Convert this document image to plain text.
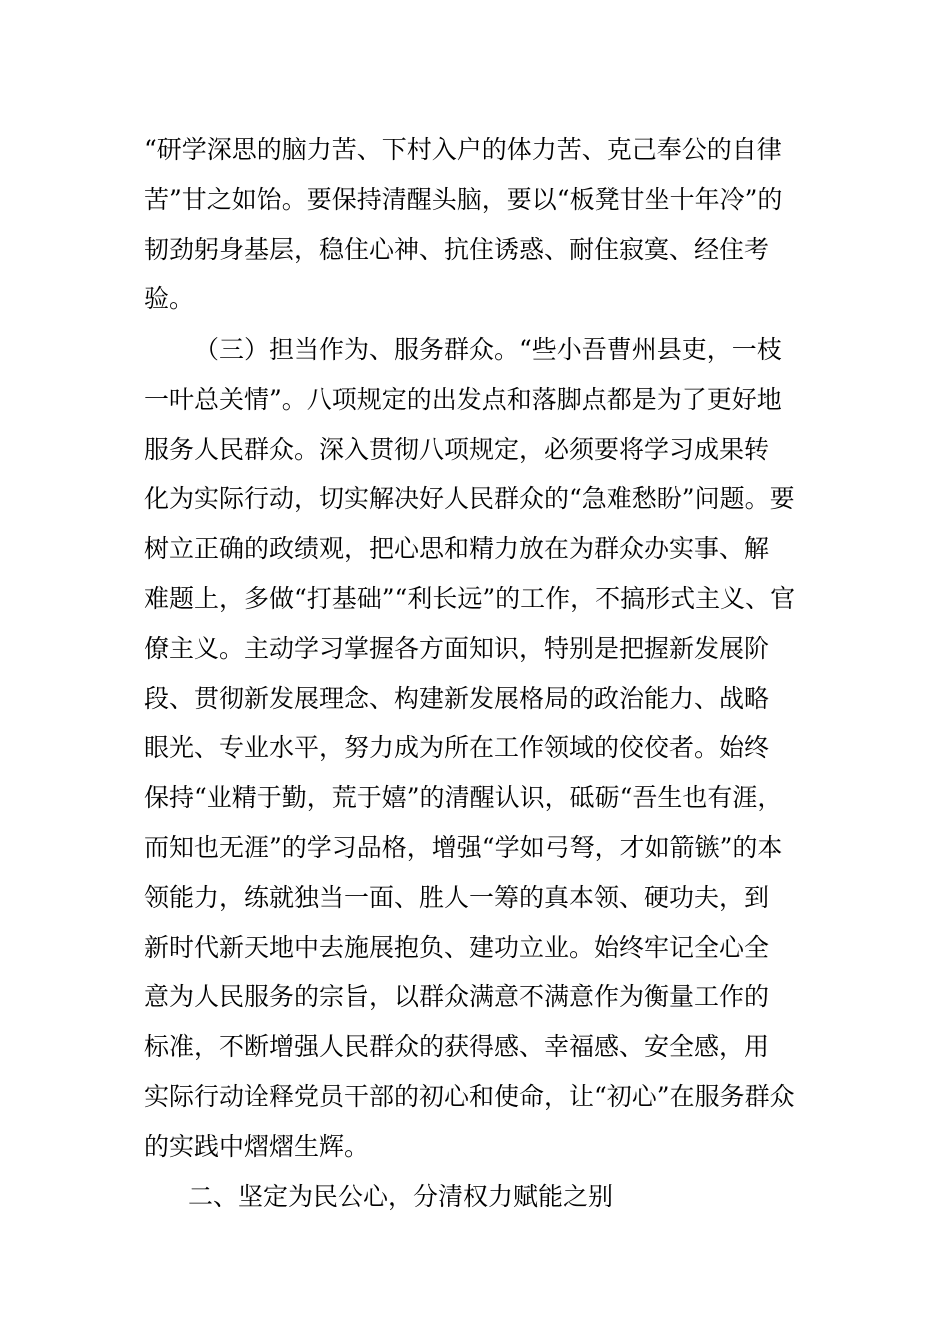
“研学深思的脑力苦、下村入户的体力苦、克己奉公的自律
苦”甘之如饴。要保持清醒头脑，要以“板凳甘坐十年冷”的
韧劲躬身基层，稳住心神、抗住诱惑、耐住寂寞、经住考
验。
（三）担当作为、服务群众。“些小吾曹州县吏，一枝
一叶总关情”。八项规定的出发点和落脚点都是为了更好地
服务人民群众。深入贯彻八项规定，必须要将学习成果转
化为实际行动，切实解决好人民群众的“急难愁盼”问题。要
树立正确的政绩观，把心思和精力放在为群众办实事、解
难题上，多做“打基础”“利长远”的工作，不搞形式主义、官
僚主义。主动学习掌握各方面知识，特别是把握新发展阶
段、贯彻新发展理念、构建新发展格局的政治能力、战略
眼光、专业水平，努力成为所在工作领域的佼佼者。始终
保持“业精于勤，荒于嬉”的清醒认识，砥砺“吾生也有涯，
而知也无涯”的学习品格，增强“学如弓弩，才如箭镞”的本
领能力，练就独当一面、胜人一筹的真本领、硬功夫，到
新时代新天地中去施展抱负、建功立业。始终牢记全心全
意为人民服务的宗旨，以群众满意不满意作为衡量工作的
标准，不断增强人民群众的获得感、幸福感、安全感，用
实际行动诠释党员干部的初心和使命，让“初心”在服务群众
的实践中熠熠生辉。
二、坚定为民公心，分清权力赋能之别
